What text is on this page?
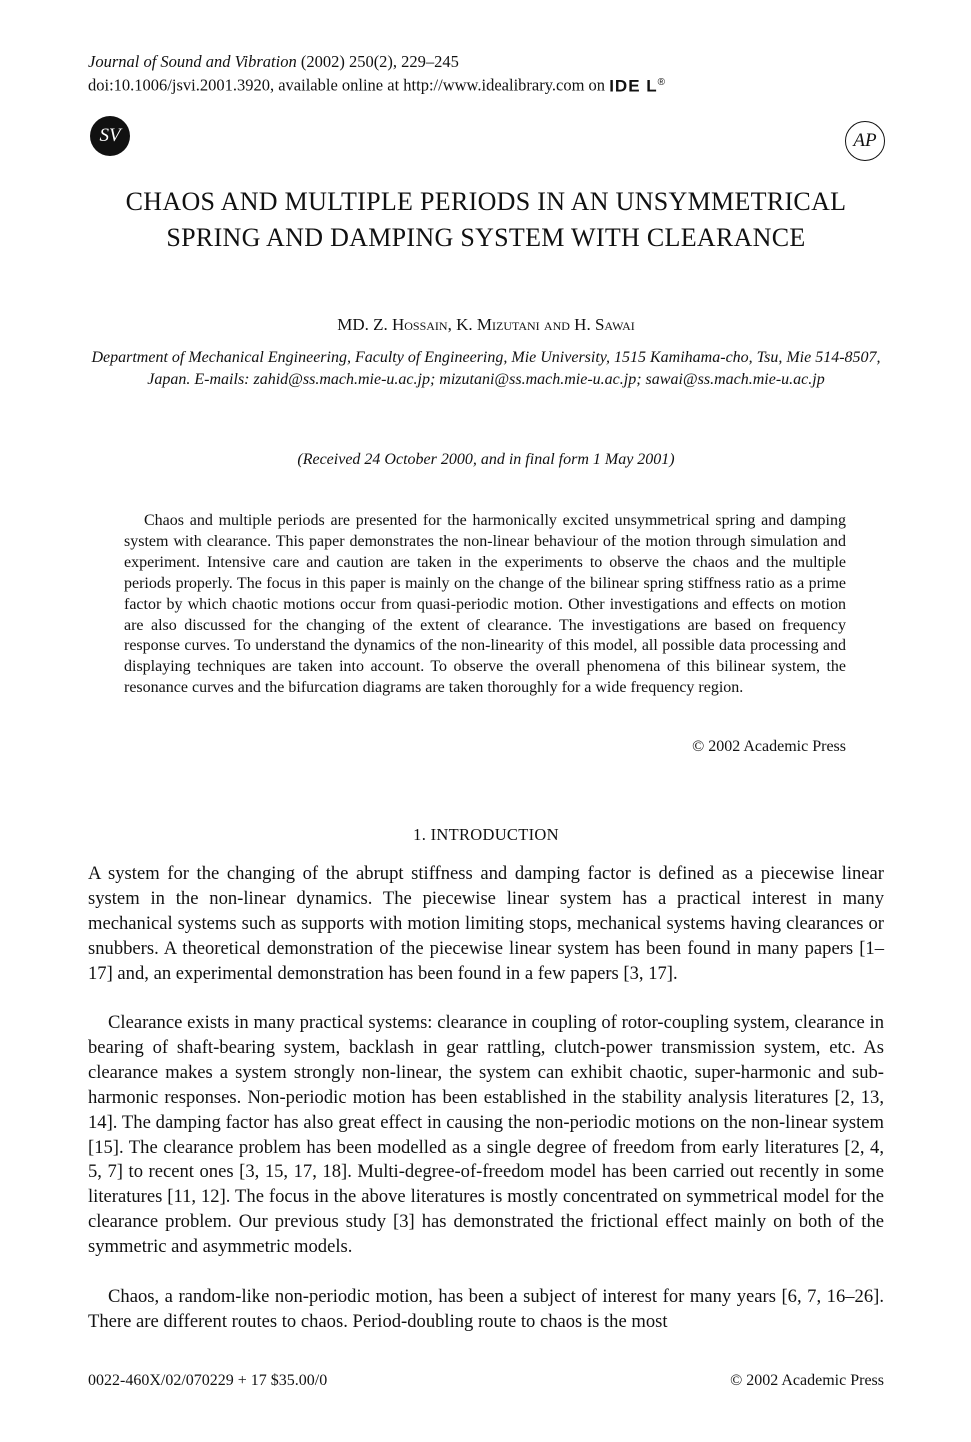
Journal of Sound and Vibration (2002) 250(2), 229–245
doi:10.1006/jsvi.2001.3920, available online at http://www.idealibrary.com on IDE L®
SV	AP
CHAOS AND MULTIPLE PERIODS IN AN UNSYMMETRICAL SPRING AND DAMPING SYSTEM WITH CLEARANCE
MD. Z. Hossain, K. Mizutani and H. Sawai
Department of Mechanical Engineering, Faculty of Engineering, Mie University, 1515 Kamihama-cho, Tsu, Mie 514-8507, Japan. E-mails: zahid@ss.mach.mie-u.ac.jp; mizutani@ss.mach.mie-u.ac.jp; sawai@ss.mach.mie-u.ac.jp
(Received 24 October 2000, and in final form 1 May 2001)
Chaos and multiple periods are presented for the harmonically excited unsymmetrical spring and damping system with clearance. This paper demonstrates the non-linear behaviour of the motion through simulation and experiment. Intensive care and caution are taken in the experiments to observe the chaos and the multiple periods properly. The focus in this paper is mainly on the change of the bilinear spring stiffness ratio as a prime factor by which chaotic motions occur from quasi-periodic motion. Other investigations and effects on motion are also discussed for the changing of the extent of clearance. The investigations are based on frequency response curves. To understand the dynamics of the non-linearity of this model, all possible data processing and displaying techniques are taken into account. To observe the overall phenomena of this bilinear system, the resonance curves and the bifurcation diagrams are taken thoroughly for a wide frequency region.
© 2002 Academic Press
1. INTRODUCTION
A system for the changing of the abrupt stiffness and damping factor is defined as a piecewise linear system in the non-linear dynamics. The piecewise linear system has a practical interest in many mechanical systems such as supports with motion limiting stops, mechanical systems having clearances or snubbers. A theoretical demonstration of the piecewise linear system has been found in many papers [1–17] and, an experimental demonstration has been found in a few papers [3, 17].
Clearance exists in many practical systems: clearance in coupling of rotor-coupling system, clearance in bearing of shaft-bearing system, backlash in gear rattling, clutch-power transmission system, etc. As clearance makes a system strongly non-linear, the system can exhibit chaotic, super-harmonic and sub-harmonic responses. Non-periodic motion has been established in the stability analysis literatures [2, 13, 14]. The damping factor has also great effect in causing the non-periodic motions on the non-linear system [15]. The clearance problem has been modelled as a single degree of freedom from early literatures [2, 4, 5, 7] to recent ones [3, 15, 17, 18]. Multi-degree-of-freedom model has been carried out recently in some literatures [11, 12]. The focus in the above literatures is mostly concentrated on symmetrical model for the clearance problem. Our previous study [3] has demonstrated the frictional effect mainly on both of the symmetric and asymmetric models.
Chaos, a random-like non-periodic motion, has been a subject of interest for many years [6, 7, 16–26]. There are different routes to chaos. Period-doubling route to chaos is the most
0022-460X/02/070229 + 17 $35.00/0	© 2002 Academic Press
